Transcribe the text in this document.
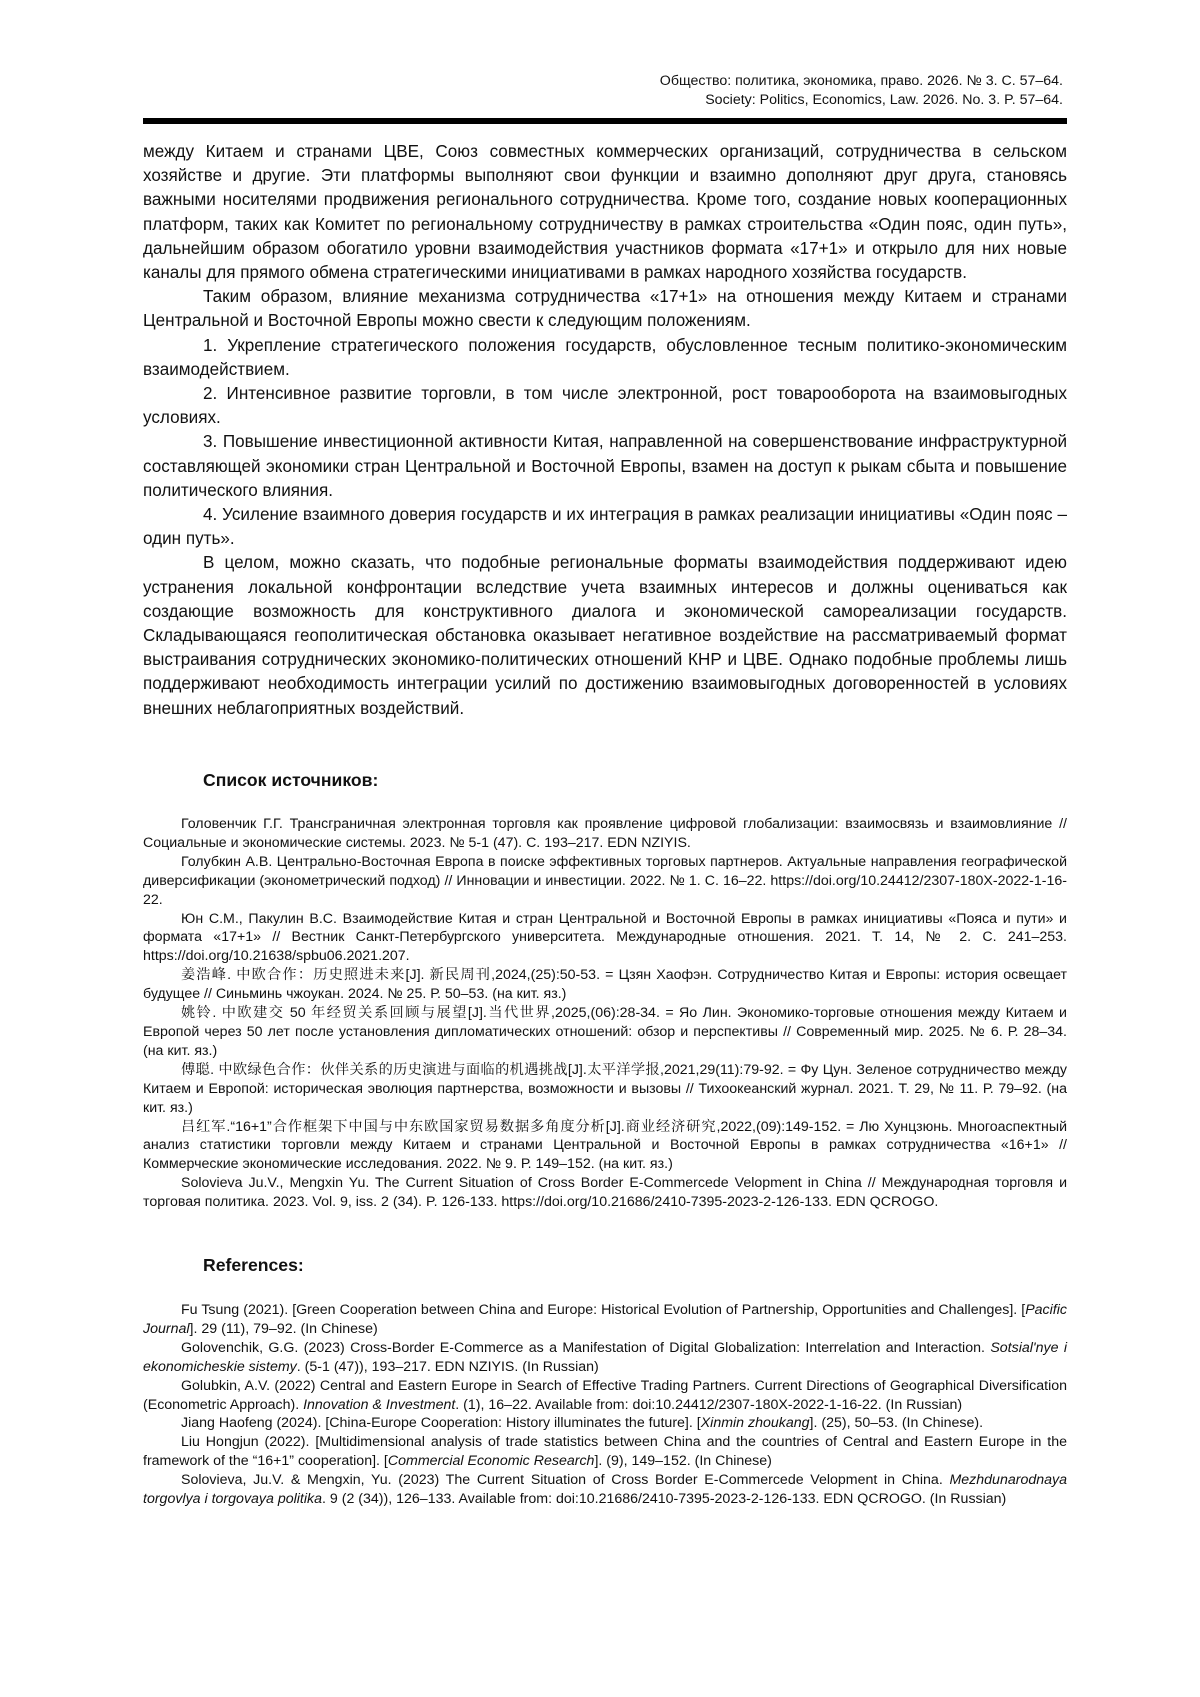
Общество: политика, экономика, право. 2026. № 3. С. 57–64.
Society: Politics, Economics, Law. 2026. No. 3. P. 57–64.

между Китаем и странами ЦВЕ, Союз совместных коммерческих организаций, сотрудничества в сельском хозяйстве и другие. Эти платформы выполняют свои функции и взаимно дополняют друг друга, становясь важными носителями продвижения регионального сотрудничества. Кроме того, создание новых кооперационных платформ, таких как Комитет по региональному сотрудничеству в рамках строительства «Один пояс, один путь», дальнейшим образом обогатило уровни взаимодействия участников формата «17+1» и открыло для них новые каналы для прямого обмена стратегическими инициативами в рамках народного хозяйства государств.

Таким образом, влияние механизма сотрудничества «17+1» на отношения между Китаем и странами Центральной и Восточной Европы можно свести к следующим положениям.

1. Укрепление стратегического положения государств, обусловленное тесным политико-экономическим взаимодействием.

2. Интенсивное развитие торговли, в том числе электронной, рост товарооборота на взаимовыгодных условиях.

3. Повышение инвестиционной активности Китая, направленной на совершенствование инфраструктурной составляющей экономики стран Центральной и Восточной Европы, взамен на доступ к рыкам сбыта и повышение политического влияния.

4. Усиление взаимного доверия государств и их интеграция в рамках реализации инициативы «Один пояс – один путь».

В целом, можно сказать, что подобные региональные форматы взаимодействия поддерживают идею устранения локальной конфронтации вследствие учета взаимных интересов и должны оцениваться как создающие возможность для конструктивного диалога и экономической самореализации государств. Складывающаяся геополитическая обстановка оказывает негативное воздействие на рассматриваемый формат выстраивания сотруднических экономико-политических отношений КНР и ЦВЕ. Однако подобные проблемы лишь поддерживают необходимость интеграции усилий по достижению взаимовыгодных договоренностей в условиях внешних неблагоприятных воздействий.

Список источников:

Головенчик Г.Г. Трансграничная электронная торговля как проявление цифровой глобализации: взаимосвязь и взаимовлияние // Социальные и экономические системы. 2023. № 5-1 (47). С. 193–217. EDN NZIYIS.

Голубкин А.В. Центрально-Восточная Европа в поиске эффективных торговых партнеров. Актуальные направления географической диверсификации (эконометрический подход) // Инновации и инвестиции. 2022. № 1. С. 16–22. https://doi.org/10.24412/2307-180X-2022-1-16-22.

Юн С.М., Пакулин В.С. Взаимодействие Китая и стран Центральной и Восточной Европы в рамках инициативы «Пояса и пути» и формата «17+1» // Вестник Санкт-Петербургского университета. Международные отношения. 2021. Т. 14, № 2. С. 241–253. https://doi.org/10.21638/spbu06.2021.207.

姜浩峰. 中欧合作：历史照进未来[J]. 新民周刊,2024,(25):50-53. = Цзян Хаофэн. Сотрудничество Китая и Европы: история освещает будущее // Синьминь чжоукан. 2024. № 25. Р. 50–53. (на кит. яз.)

姚铃. 中欧建交 50 年经贸关系回顾与展望[J].当代世界,2025,(06):28-34. = Яо Лин. Экономико-торговые отношения между Китаем и Европой через 50 лет после установления дипломатических отношений: обзор и перспективы // Современный мир. 2025. № 6. Р. 28–34. (на кит. яз.)

傅聪. 中欧绿色合作：伙伴关系的历史演进与面临的机遇挑战[J].太平洋学报,2021,29(11):79-92. = Фу Цун. Зеленое сотрудничество между Китаем и Европой: историческая эволюция партнерства, возможности и вызовы // Тихоокеанский журнал. 2021. Т. 29, № 11. Р. 79–92. (на кит. яз.)

吕红军.“16+1”合作框架下中国与中东欧国家贸易数据多角度分析[J].商业经济研究,2022,(09):149-152. = Лю Хунцзюнь. Многоаспектный анализ статистики торговли между Китаем и странами Центральной и Восточной Европы в рамках сотрудничества «16+1» // Коммерческие экономические исследования. 2022. № 9. Р. 149–152. (на кит. яз.)

Solovieva Ju.V., Mengxin Yu. The Current Situation of Cross Border E-Commercede Velopment in China // Международная торговля и торговая политика. 2023. Vol. 9, iss. 2 (34). P. 126-133. https://doi.org/10.21686/2410-7395-2023-2-126-133. EDN QCROGO.

References:

Fu Tsung (2021). [Green Cooperation between China and Europe: Historical Evolution of Partnership, Opportunities and Challenges]. [Pacific Journal]. 29 (11), 79–92. (In Chinese)

Golovenchik, G.G. (2023) Cross-Border E-Commerce as a Manifestation of Digital Globalization: Interrelation and Interaction. Sotsial'nye i ekonomicheskie sistemy. (5-1 (47)), 193–217. EDN NZIYIS. (In Russian)

Golubkin, A.V. (2022) Central and Eastern Europe in Search of Effective Trading Partners. Current Directions of Geographical Diversification (Econometric Approach). Innovation & Investment. (1), 16–22. Available from: doi:10.24412/2307-180X-2022-1-16-22. (In Russian)

Jiang Haofeng (2024). [China-Europe Cooperation: History illuminates the future]. [Xinmin zhoukang]. (25), 50–53. (In Chinese).

Liu Hongjun (2022). [Multidimensional analysis of trade statistics between China and the countries of Central and Eastern Europe in the framework of the “16+1” cooperation]. [Commercial Economic Research]. (9), 149–152. (In Chinese)

Solovieva, Ju.V. & Mengxin, Yu. (2023) The Current Situation of Cross Border E-Commercede Velopment in China. Mezhdunarodnaya torgovlya i torgovaya politika. 9 (2 (34)), 126–133. Available from: doi:10.21686/2410-7395-2023-2-126-133. EDN QCROGO. (In Russian)
